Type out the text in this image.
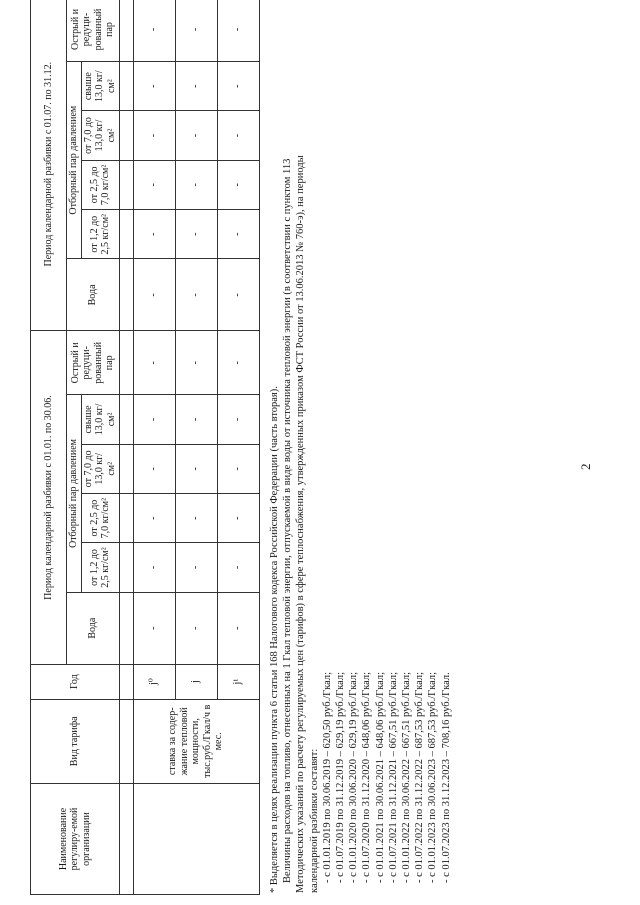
2
Наименование регулиру-емой организации	Вид тарифа	Год	Период календарной разбивки с 01.01. по 30.06.						Период календарной разбивки с 01.07. по 31.12.					
			Вода	Отборный пар давлением				Острый и редуци-рованный пар	Вода	Отборный пар давлением				Острый и редуци-рованный пар
				от 1,2 до 2,5 кг/см²	от 2,5 до 7,0 кг/см²	от 7,0 до 13,0 кг/см²	свыше 13,0 кг/см²			от 1,2 до 2,5 кг/см²	от 2,5 до 7,0 кг/см²	от 7,0 до 13,0 кг/см²	свыше 13,0 кг/см²	

	ставка за содер-жание тепловой мощности, тыс.руб./Гкал/ч в мес.	j⁰	-	-	-	-	-	-	-	-	-	-	-	-
		j	-	-	-	-	-	-	-	-	-	-	-	-
		j¹	-	-	-	-	-	-	-	-	-	-	-	-

* Выделяется в целях реализации пункта 6 статьи 168 Налогового кодекса Российской Федерации (часть вторая). Величины расходов на топливо, отнесенных на 1 Гкал тепловой энергии, отпускаемой в виде воды от источника тепловой энергии (в соответствии с пунктом 113 Методических указаний по расчету регулируемых цен (тарифов) в сфере теплоснабжения, утвержденных приказом ФСТ России от 13.06.2013 № 760-э), на периоды календарной разбивки составят: - с 01.01.2019 по 30.06.2019 – 620,50 руб./Гкал; - с 01.07.2019 по 31.12.2019 – 629,19 руб./Гкал; - с 01.01.2020 по 30.06.2020 – 629,19 руб./Гкал; - с 01.07.2020 по 31.12.2020 – 648,06 руб./Гкал; - с 01.01.2021 по 30.06.2021 – 648,06 руб./Гкал; - с 01.07.2021 по 31.12.2021 – 667,51 руб./Гкал; - с 01.01.2022 по 30.06.2022 – 667,51 руб./Гкал; - с 01.07.2022 по 31.12.2022 – 687,53 руб./Гкал; - с 01.01.2023 по 30.06.2023 – 687,53 руб./Гкал; - с 01.07.2023 по 31.12.2023 – 708,16 руб./Гкал.
